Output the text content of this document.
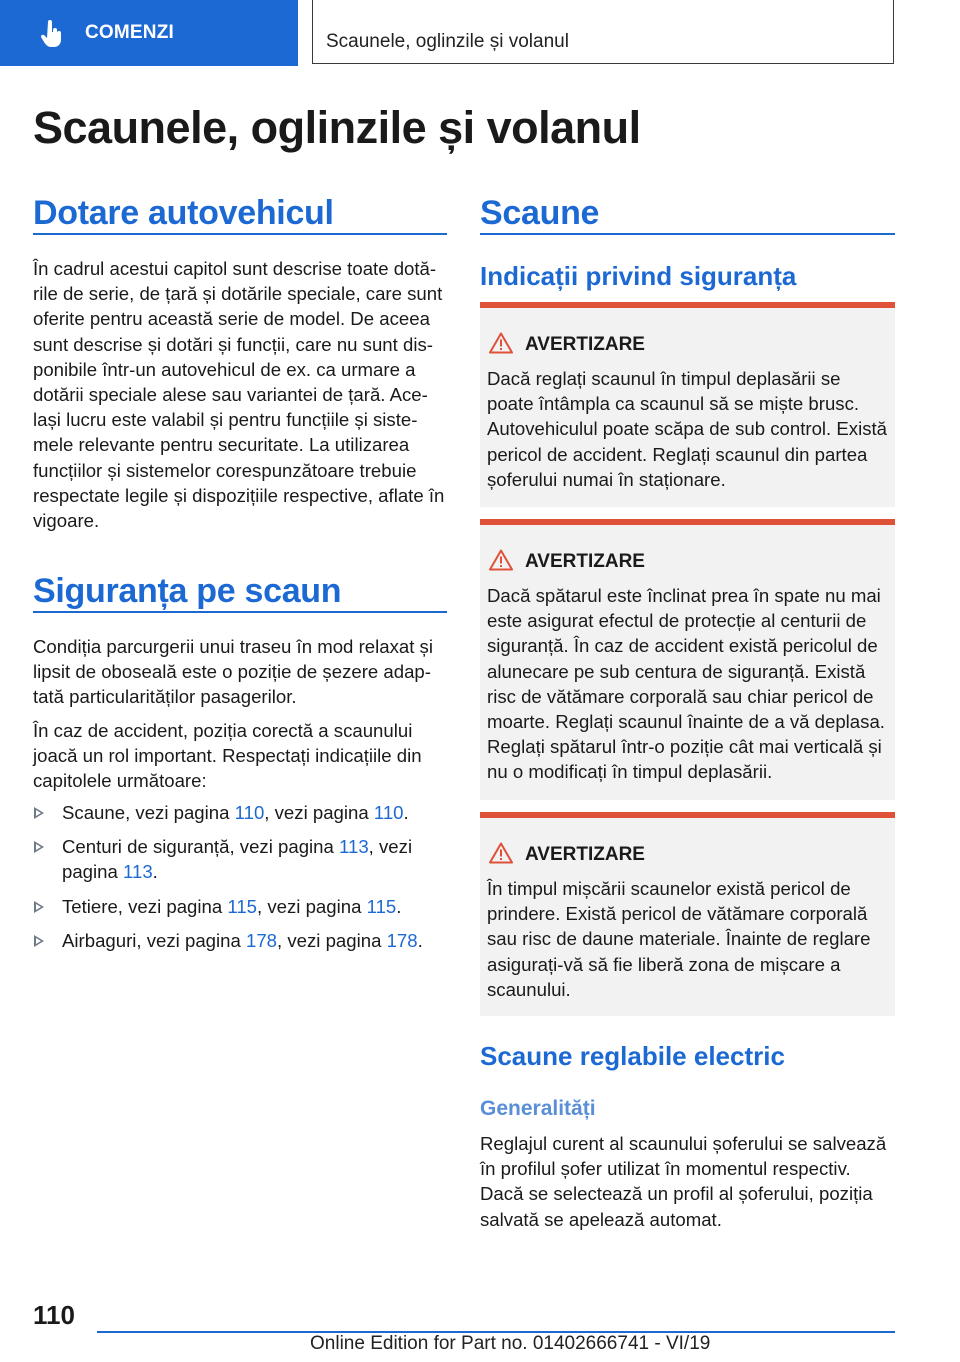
COMENZI	Scaunele, oglinzile și volanul
Scaunele, oglinzile și volanul
Dotare autovehicul

În cadrul acestui capitol sunt descrise toate dotările de serie, de țară și dotările speciale, care sunt oferite pentru această serie de model. De aceea sunt descrise și dotări și funcții, care nu sunt disponibile într-un autovehicul de ex. ca urmare a dotării speciale alese sau variantei de țară. Același lucru este valabil și pentru funcțiile și sistemele relevante pentru securitate. La utilizarea funcțiilor și sistemelor corespunzătoare trebuie respectate legile și dispozițiile respective, aflate în vigoare.

Siguranța pe scaun

Condiția parcurgerii unui traseu în mod relaxat și lipsit de oboseală este o poziție de șezere adaptată particularităților pasagerilor.

În caz de accident, poziția corectă a scaunului joacă un rol important. Respectați indicațiile din capitolele următoare:

Scaune, vezi pagina 110, vezi pagina 110.
Centuri de siguranță, vezi pagina 113, vezi pagina 113.
Tetiere, vezi pagina 115, vezi pagina 115.
Airbaguri, vezi pagina 178, vezi pagina 178.
Scaune
Indicații privind siguranța
AVERTIZARE

Dacă reglați scaunul în timpul deplasării se poate întâmpla ca scaunul să se miște brusc. Autovehiculul poate scăpa de sub control. Există pericol de accident. Reglați scaunul din partea șoferului numai în staționare.

AVERTIZARE

Dacă spătarul este înclinat prea în spate nu mai este asigurat efectul de protecție al centurii de siguranță. În caz de accident există pericolul de alunecare pe sub centura de siguranță. Există risc de vătămare corporală sau chiar pericol de moarte. Reglați scaunul înainte de a vă deplasa. Reglați spătarul într-o poziție cât mai verticală și nu o modificați în timpul deplasării.

AVERTIZARE

În timpul mișcării scaunelor există pericol de prindere. Există pericol de vătămare corporală sau risc de daune materiale. Înainte de reglare asigurați-vă să fie liberă zona de mișcare a scaunului.

Scaune reglabile electric
Generalități

Reglajul curent al scaunului șoferului se salvează în profilul șofer utilizat în momentul respectiv. Dacă se selectează un profil al șoferului, poziția salvată se apelează automat.

110
Online Edition for Part no. 01402666741 - VI/19
